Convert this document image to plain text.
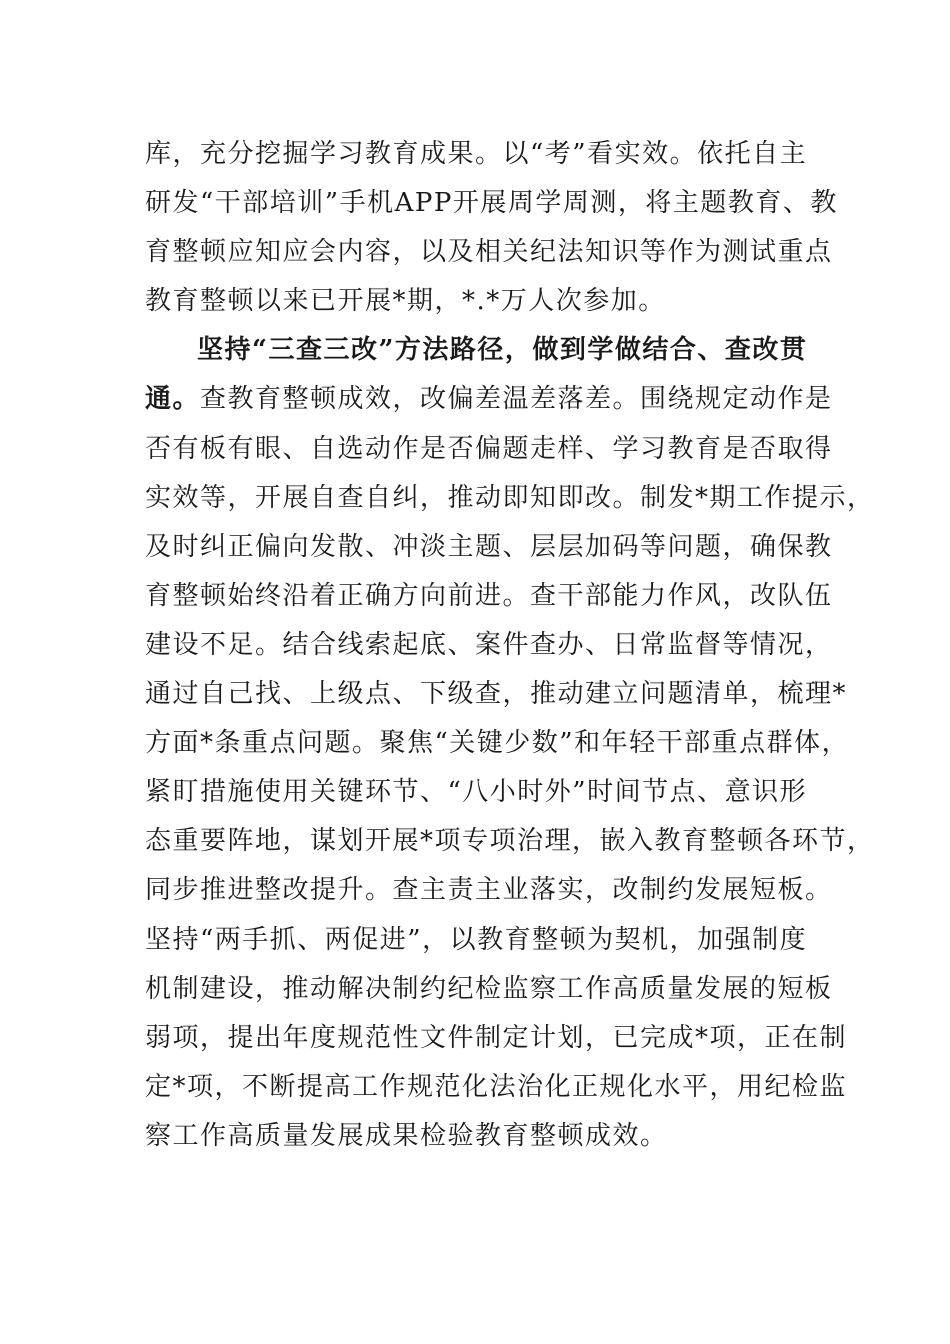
库，充分挖掘学习教育成果。以“考”看实效。依托自主
研发“干部培训”手机APP开展周学周测，将主题教育、教
育整顿应知应会内容，以及相关纪法知识等作为测试重点
教育整顿以来已开展*期，*.*万人次参加。
坚持“三查三改”方法路径，做到学做结合、查改贯
通。查教育整顿成效，改偏差温差落差。围绕规定动作是
否有板有眼、自选动作是否偏题走样、学习教育是否取得
实效等，开展自查自纠，推动即知即改。制发*期工作提示，
及时纠正偏向发散、冲淡主题、层层加码等问题，确保教
育整顿始终沿着正确方向前进。查干部能力作风，改队伍
建设不足。结合线索起底、案件查办、日常监督等情况，
通过自己找、上级点、下级查，推动建立问题清单，梳理*
方面*条重点问题。聚焦“关键少数”和年轻干部重点群体，
紧盯措施使用关键环节、“八小时外”时间节点、意识形
态重要阵地，谋划开展*项专项治理，嵌入教育整顿各环节，
同步推进整改提升。查主责主业落实，改制约发展短板。
坚持“两手抓、两促进”，以教育整顿为契机，加强制度
机制建设，推动解决制约纪检监察工作高质量发展的短板
弱项，提出年度规范性文件制定计划，已完成*项，正在制
定*项，不断提高工作规范化法治化正规化水平，用纪检监
察工作高质量发展成果检验教育整顿成效。
